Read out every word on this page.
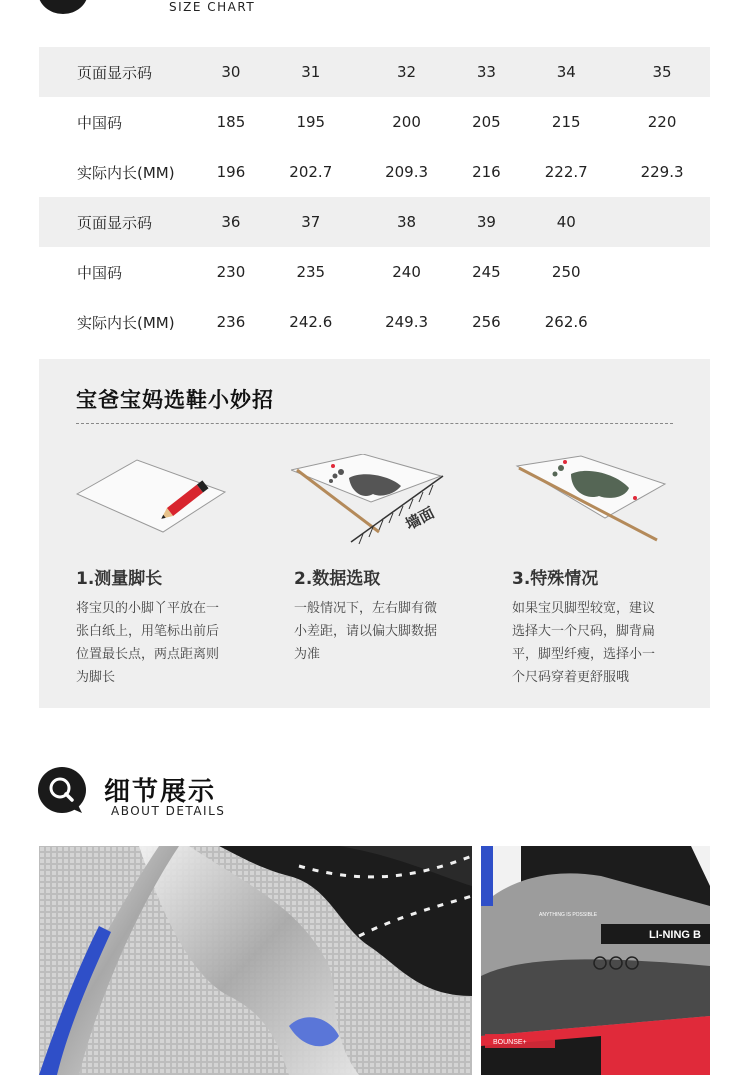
SIZE CHART
页面显示码	30	31	32	33	34	35
中国码	185	195	200	205	215	220
实际内长(MM)	196	202.7	209.3	216	222.7	229.3
页面显示码	36	37	38	39	40	
中国码	230	235	240	245	250	
实际内长(MM)	236	242.6	249.3	256	262.6	
宝爸宝妈选鞋小妙招
墙面
1.测量脚长

将宝贝的小脚丫平放在一
张白纸上，用笔标出前后
位置最长点，两点距离则
为脚长

2.数据选取

一般情况下，左右脚有微
小差距，请以偏大脚数据
为准

3.特殊情况

如果宝贝脚型较宽，建议
选择大一个尺码，脚背扁
平，脚型纤瘦，选择小一
个尺码穿着更舒服哦

细节展示
ABOUT DETAILS
LI-NING B
ANYTHING IS POSSIBLE
BOUNSE+
